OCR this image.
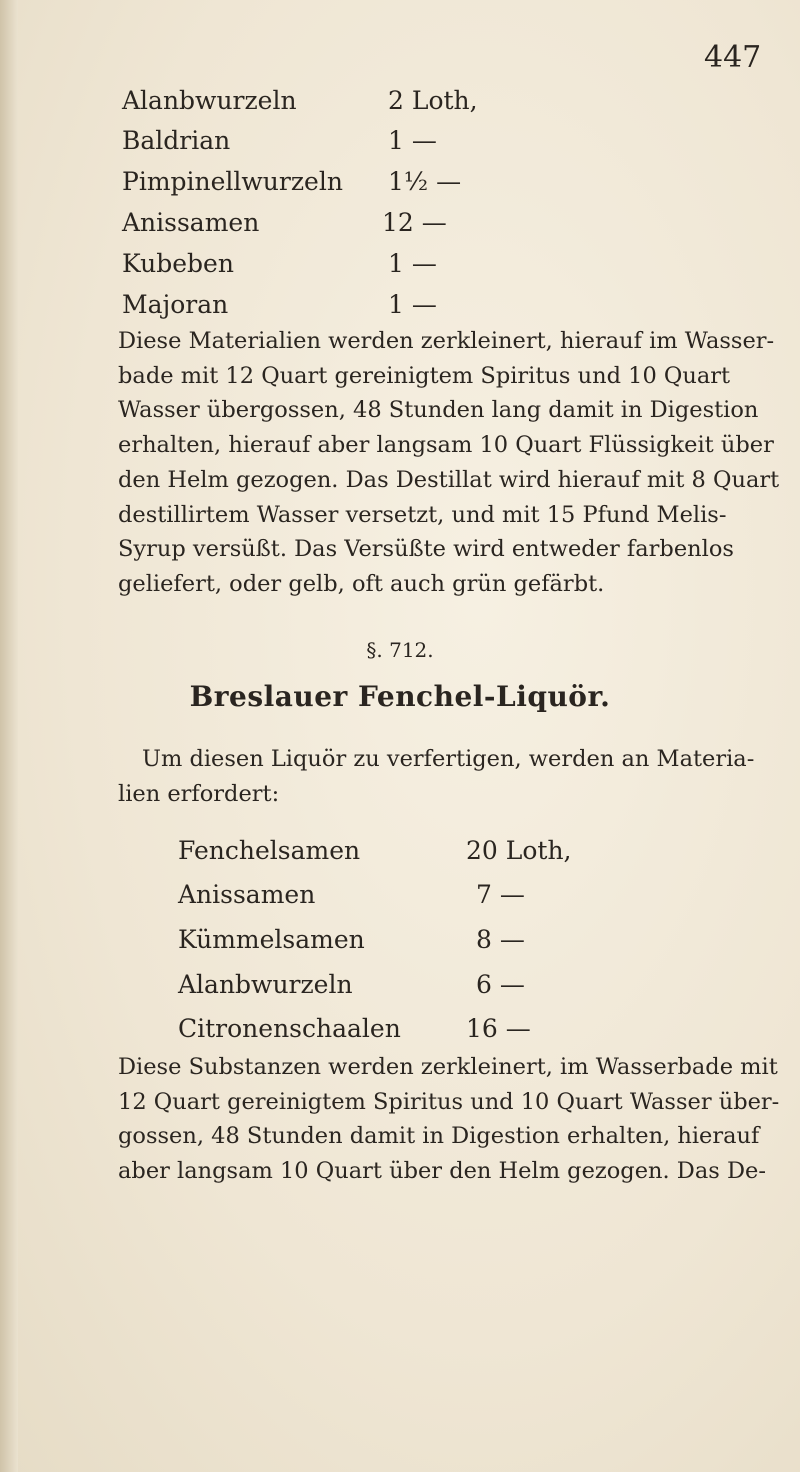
447
Alanbwurzeln	2 Loth,
Baldrian	1 —
Pimpinellwurzeln 1½ —
Anissamen	12 —
Kubeben	1 —
Majoran	1 —
Diese Materialien werden zerkleinert, hierauf im Wasser-
bade mit 12 Quart gereinigtem Spiritus und 10 Quart
Wasser übergossen, 48 Stunden lang damit in Digestion
erhalten, hierauf aber langsam 10 Quart Flüssigkeit über
den Helm gezogen. Das Destillat wird hierauf mit 8 Quart
destillirtem Wasser versetzt, und mit 15 Pfund Melis-
Syrup versüßt. Das Versüßte wird entweder farbenlos
geliefert, oder gelb, oft auch grün gefärbt.
§. 712.
Breslauer Fenchel-Liquör.
Um diesen Liquör zu verfertigen, werden an Materia-
lien erfordert:
Fenchelsamen	20 Loth,
Anissamen	7 —
Kümmelsamen	8 —
Alanbwurzeln	6 —
Citronenschaalen	16 —
Diese Substanzen werden zerkleinert, im Wasserbade mit
12 Quart gereinigtem Spiritus und 10 Quart Wasser über-
gossen, 48 Stunden damit in Digestion erhalten, hierauf
aber langsam 10 Quart über den Helm gezogen. Das De-
